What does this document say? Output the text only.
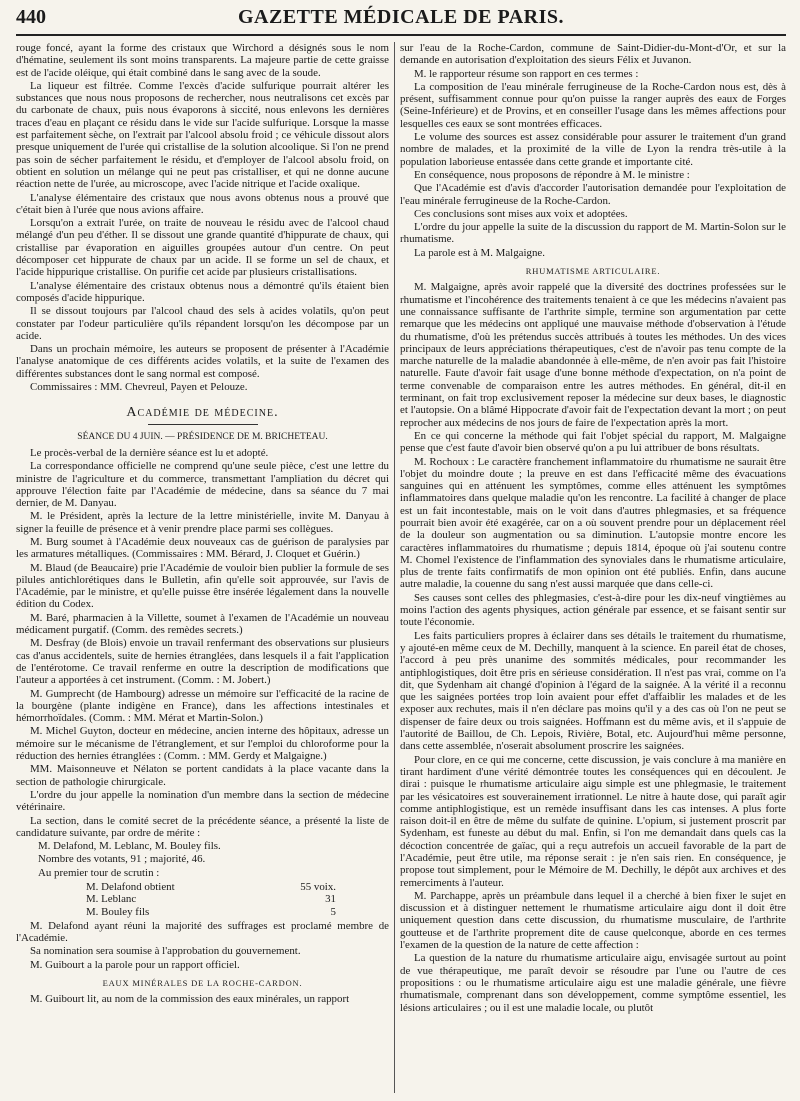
440	GAZETTE MÉDICALE DE PARIS.

rouge foncé, ayant la forme des cristaux que Wirchord a désignés sous le nom d'hématine, seulement ils sont moins transparents. La majeure partie de cette graisse est de l'acide oléique, qui était combiné dans le sang avec de la soude.

La liqueur est filtrée. Comme l'excès d'acide sulfurique pourrait altérer les substances que nous nous proposons de rechercher, nous neutralisons cet excès par du carbonate de chaux, puis nous évaporons à siccité, nous enlevons les dernières traces d'eau en plaçant ce résidu dans le vide sur l'acide sulfurique. Lorsque la masse est parfaitement sèche, on l'extrait par l'alcool absolu froid ; ce véhicule dissout alors presque uniquement de l'urée qui cristallise de la solution alcoolique. Si l'on ne prend pas soin de sécher parfaitement le résidu, et d'employer de l'alcool absolu froid, on obtient en solution un mélange qui ne peut pas cristalliser, et qui ne donne aucune réaction nette de l'urée, au microscope, avec l'acide nitrique et l'acide oxalique.

L'analyse élémentaire des cristaux que nous avons obtenus nous a prouvé que c'était bien à l'urée que nous avions affaire.

Lorsqu'on a extrait l'urée, on traite de nouveau le résidu avec de l'alcool chaud mélangé d'un peu d'éther. Il se dissout une grande quantité d'hippurate de chaux, qui cristallise par évaporation en aiguilles groupées autour d'un centre. On peut décomposer cet hippurate de chaux par un acide. Il se forme un sel de chaux, et l'acide hippurique cristallise. On purifie cet acide par plusieurs cristallisations.

L'analyse élémentaire des cristaux obtenus nous a démontré qu'ils étaient bien composés d'acide hippurique.

Il se dissout toujours par l'alcool chaud des sels à acides volatils, qu'on peut constater par l'odeur particulière qu'ils répandent lorsqu'on les décompose par un acide.

Dans un prochain mémoire, les auteurs se proposent de présenter à l'Académie l'analyse anatomique de ces différents acides volatils, et la suite de l'examen des différentes substances dont le sang normal est composé.

Commissaires : MM. Chevreul, Payen et Pelouze.

Académie de médecine.

SÉANCE DU 4 JUIN. — PRÉSIDENCE DE M. BRICHETEAU.

Le procès-verbal de la dernière séance est lu et adopté.

La correspondance officielle ne comprend qu'une seule pièce, c'est une lettre du ministre de l'agriculture et du commerce, transmettant l'ampliation du décret qui approuve l'élection faite par l'Académie de médecine, dans sa séance du 7 mai dernier, de M. Danyau.

M. le Président, après la lecture de la lettre ministérielle, invite M. Danyau à signer la feuille de présence et à venir prendre place parmi ses collègues.

M. Burg soumet à l'Académie deux nouveaux cas de guérison de paralysies par les armatures métalliques. (Commissaires : MM. Bérard, J. Cloquet et Guérin.)

M. Blaud (de Beaucaire) prie l'Académie de vouloir bien publier la formule de ses pilules antichlorétiques dans le Bulletin, afin qu'elle soit approuvée, sur l'avis de l'Académie, par le ministre, et qu'elle puisse être insérée légalement dans la nouvelle édition du Codex.

M. Baré, pharmacien à la Villette, soumet à l'examen de l'Académie un nouveau médicament purgatif. (Comm. des remèdes secrets.)

M. Desfray (de Blois) envoie un travail renfermant des observations sur plusieurs cas d'anus accidentels, suite de hernies étranglées, dans lesquels il a fait l'application de l'entérotome. Ce travail renferme en outre la description de modifications que l'auteur a apportées à cet instrument. (Comm. : M. Jobert.)

M. Gumprecht (de Hambourg) adresse un mémoire sur l'efficacité de la racine de la bourgène (plante indigène en France), dans les affections intestinales et hémorrhoïdales. (Comm. : MM. Mérat et Martin-Solon.)

M. Michel Guyton, docteur en médecine, ancien interne des hôpitaux, adresse un mémoire sur le mécanisme de l'étranglement, et sur l'emploi du chloroforme pour la réduction des hernies étranglées : (Comm. : MM. Gerdy et Malgaigne.)

MM. Maisonneuve et Nélaton se portent candidats à la place vacante dans la section de pathologie chirurgicale.

L'ordre du jour appelle la nomination d'un membre dans la section de médecine vétérinaire.

La section, dans le comité secret de la précédente séance, a présenté la liste de candidature suivante, par ordre de mérite :

M. Delafond, M. Leblanc, M. Bouley fils.

Nombre des votants, 91 ; majorité, 46.

Au premier tour de scrutin :

M. Delafond obtient	55 voix.
M. Leblanc	31
M. Bouley fils	5

M. Delafond ayant réuni la majorité des suffrages est proclamé membre de l'Académie.

Sa nomination sera soumise à l'approbation du gouvernement.

M. Guibourt a la parole pour un rapport officiel.

EAUX MINÉRALES DE LA ROCHE-CARDON.

M. Guibourt lit, au nom de la commission des eaux minérales, un rapport

sur l'eau de la Roche-Cardon, commune de Saint-Didier-du-Mont-d'Or, et sur la demande en autorisation d'exploitation des sieurs Félix et Juvanon.

M. le rapporteur résume son rapport en ces termes :

La composition de l'eau minérale ferrugineuse de la Roche-Cardon nous est, dès à présent, suffisamment connue pour qu'on puisse la ranger auprès des eaux de Forges (Seine-Inférieure) et de Provins, et en conseiller l'usage dans les mêmes affections pour lesquelles ces eaux se sont montrées efficaces.

Le volume des sources est assez considérable pour assurer le traitement d'un grand nombre de malades, et la proximité de la ville de Lyon la rendra très-utile à la population laborieuse entassée dans cette grande et importante cité.

En conséquence, nous proposons de répondre à M. le ministre :

Que l'Académie est d'avis d'accorder l'autorisation demandée pour l'exploitation de l'eau minérale ferrugineuse de la Roche-Cardon.

Ces conclusions sont mises aux voix et adoptées.

L'ordre du jour appelle la suite de la discussion du rapport de M. Martin-Solon sur le rhumatisme.

La parole est à M. Malgaigne.

RHUMATISME ARTICULAIRE.

M. Malgaigne, après avoir rappelé que la diversité des doctrines professées sur le rhumatisme et l'incohérence des traitements tenaient à ce que les médecins n'avaient pas une connaissance suffisante de l'arthrite simple, termine son argumentation par cette remarque que les médecins ont appliqué une mauvaise méthode d'observation à l'étude du rhumatisme, d'où les prétendus succès attribués à toutes les méthodes. Un des vices principaux de leurs appréciations thérapeutiques, c'est de n'avoir pas tenu compte de la marche naturelle de la maladie abandonnée à elle-même, de n'en avoir pas fait l'histoire naturelle. Faute d'avoir fait usage d'une bonne méthode d'expectation, on n'a point de terme convenable de comparaison entre les autres méthodes. En général, dit-il en terminant, on fait trop exclusivement reposer la médecine sur deux bases, le diagnostic et l'autopsie. On a blâmé Hippocrate d'avoir fait de l'expectation devant la mort ; on peut reprocher aux médecins de nos jours de faire de l'expectation après la mort.

En ce qui concerne la méthode qui fait l'objet spécial du rapport, M. Malgaigne pense que c'est faute d'avoir bien observé qu'on a pu lui attribuer de bons résultats.

M. Rochoux : Le caractère franchement inflammatoire du rhumatisme ne saurait être l'objet du moindre doute ; la preuve en est dans l'efficacité même des évacuations sanguines qui en atténuent les symptômes, comme elles atténuent les symptômes inflammatoires dans quelque maladie qu'on les rencontre. La facilité à changer de place est un fait incontestable, mais on le voit dans d'autres phlegmasies, et sa fréquence pourrait bien avoir été exagérée, car on a où souvent prendre pour un déplacement réel de la douleur son augmentation ou sa diminution. L'autopsie montre encore les caractères inflammatoires du rhumatisme ; depuis 1814, époque où j'ai soutenu contre M. Chomel l'existence de l'inflammation des synoviales dans le rhumatisme articulaire, plus de trente faits confirmatifs de mon opinion ont été publiés. Enfin, dans aucune autre maladie, la couenne du sang n'est aussi marquée que dans celle-ci.

Ses causes sont celles des phlegmasies, c'est-à-dire pour les dix-neuf vingtièmes au moins l'action des agents physiques, action générale par essence, et se faisant sentir sur toute l'économie.

Les faits particuliers propres à éclairer dans ses détails le traitement du rhumatisme, y ajouté-en même ceux de M. Dechilly, manquent à la science. En pareil état de choses, l'accord à peu près unanime des sommités médicales, pour recommander les antiphlogistiques, doit être pris en sérieuse considération. Il n'est pas vrai, comme on l'a dit, que Sydenham ait changé d'opinion à l'égard de la saignée. A la vérité il a reconnu que les saignées portées trop loin avaient pour effet d'affaiblir les malades et de les exposer aux rechutes, mais il n'en déclare pas moins qu'il y a des cas où l'on ne peut se dispenser de faire deux ou trois saignées. Hoffmann est du même avis, et il s'appuie de l'autorité de Baillou, de Ch. Lepois, Rivière, Botal, etc. Aujourd'hui même personne, dans cette assemblée, n'oserait absolument proscrire les saignées.

Pour clore, en ce qui me concerne, cette discussion, je vais conclure à ma manière en tirant hardiment d'une vérité démontrée toutes les conséquences qui en découlent. Je dirai : puisque le rhumatisme articulaire aigu simple est une phlegmasie, le traitement par les vésicatoires est souverainement irrationnel. Le nitre à haute dose, qui paraît agir comme antiphlogistique, est un remède insuffisant dans les cas intenses. A plus forte raison doit-il en être de même du sulfate de quinine. L'opium, si justement proscrit par Sydenham, est funeste au début du mal. Enfin, si l'on me demandait dans quels cas la décoction concentrée de gaïac, qui a reçu autrefois un accueil favorable de la part de l'Académie, peut être utile, ma réponse serait : je n'en sais rien. En conséquence, je propose tout simplement, pour le Mémoire de M. Dechilly, le dépôt aux archives et des remerciments à l'auteur.

M. Parchappe, après un préambule dans lequel il a cherché à bien fixer le sujet en discussion et à distinguer nettement le rhumatisme articulaire aigu dont il doit être uniquement question dans cette discussion, du rhumatisme musculaire, de l'arthrite goutteuse et de l'arthrite proprement dite de cause quelconque, aborde en ces termes l'examen de la question de la nature de cette affection :

La question de la nature du rhumatisme articulaire aigu, envisagée surtout au point de vue thérapeutique, me paraît devoir se résoudre par l'une ou l'autre de ces propositions : ou le rhumatisme articulaire aigu est une maladie générale, une fièvre rhumatismale, comprenant dans son développement, comme symptôme essentiel, les lésions articulaires ; ou il est une maladie locale, ou plutôt
